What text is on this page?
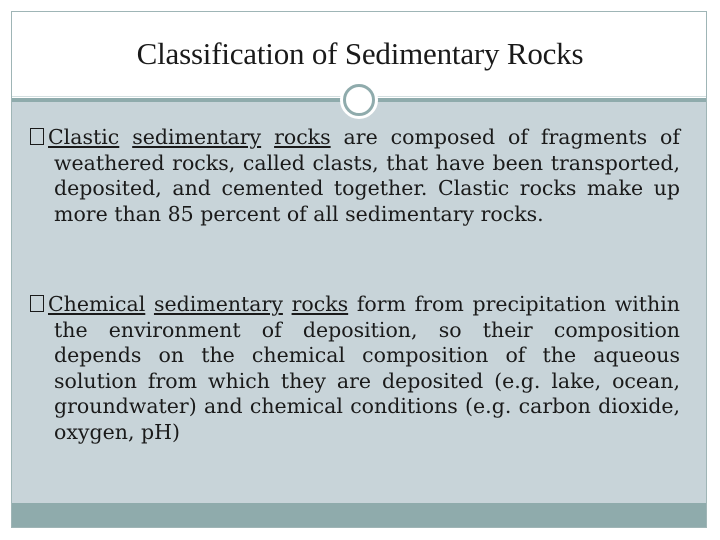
Classification of Sedimentary Rocks
Clastic sedimentary rocks are composed of fragments of weathered rocks, called clasts, that have been transported, deposited, and cemented together. Clastic rocks make up more than 85 percent of all sedimentary rocks.
Chemical sedimentary rocks form from precipitation within the environment of deposition, so their composition depends on the chemical composition of the aqueous solution from which they are deposited (e.g. lake, ocean, groundwater) and chemical conditions (e.g. carbon dioxide, oxygen, pH)
